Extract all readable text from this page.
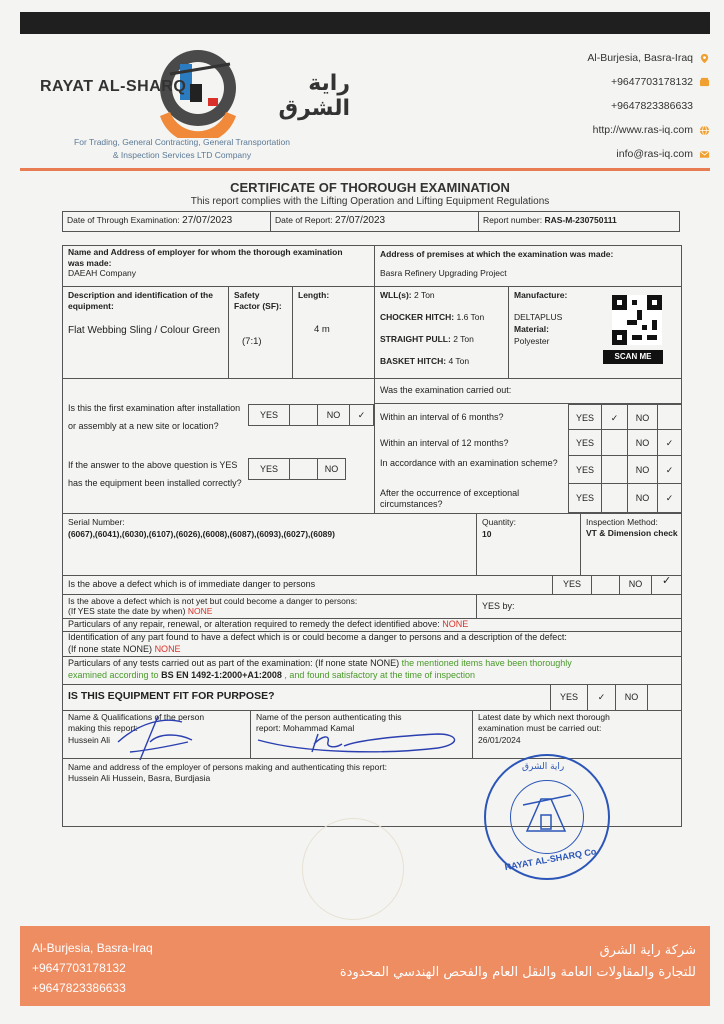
RAYAT AL-SHARQ	راية الشرق
For Trading, General Contracting, General Transportation
& Inspection Services LTD Company
Al-Burjesia, Basra-Iraq
+9647703178132
+9647823386633
http://www.ras-iq.com
info@ras-iq.com
CERTIFICATE OF THOROUGH EXAMINATION
This report complies with the Lifting Operation and Lifting Equipment Regulations
Date of Through Examination: 27/07/2023	Date of Report: 27/07/2023	Report number: RAS-M-230750111
Name and Address of employer for whom the thorough examination was made:
DAEAH Company
Address of premises at which the examination was made:
Basra Refinery Upgrading Project
Description and identification of the equipment:
Flat Webbing Sling / Colour Green
Safety Factor (SF):
(7:1)
Length:
4 m
WLL(s): 2 Ton
CHOCKER HITCH: 1.6 Ton
STRAIGHT PULL: 2 Ton
BASKET HITCH: 4 Ton
Manufacture:
DELTAPLUS
Material:
Polyester
SCAN ME
Is this the first examination after installation or assembly at a new site or location?
YES	NO	✓
If the answer to the above question is YES has the equipment been installed correctly?
YES	NO
Was the examination carried out:
Within an interval of 6 months?	YES	✓	NO
Within an interval of 12 months?	YES	NO	✓
In accordance with an examination scheme?
YES	NO	✓
After the occurrence of exceptional circumstances?
YES	NO	✓
Serial Number:
(6067),(6041),(6030),(6107),(6026),(6008),(6087),(6093),(6027),(6089)
Quantity:
10
Inspection Method:
VT & Dimension check
Is the above a defect which is of immediate danger to persons	YES	NO	✓
Is the above a defect which is not yet but could become a danger to persons:
(If YES state the date by when) NONE	YES by:
Particulars of any repair, renewal, or alteration required to remedy the defect identified above: NONE
Identification of any part found to have a defect which is or could become a danger to persons and a description of the defect:
(If none state NONE) NONE
Particulars of any tests carried out as part of the examination: (If none state NONE) the mentioned items have been thoroughly
examined according to BS EN 1492-1:2000+A1:2008 , and found satisfactory at the time of inspection
IS THIS EQUIPMENT FIT FOR PURPOSE?	YES	✓	NO
Name & Qualifications of the person
making this report:
Hussein Ali
Name of the person authenticating this
report: Mohammad Kamal
Latest date by which next thorough
examination must be carried out:
26/01/2024
Name and address of the employer of persons making and authenticating this report:
Hussein Ali Hussein, Basra, Burdjasia
راية الشرق
RAYAT AL-SHARQ Co.
Al-Burjesia, Basra-Iraq
+9647703178132
+9647823386633
شركة راية الشرق
للتجارة والمقاولات العامة والنقل العام والفحص الهندسي المحدودة
